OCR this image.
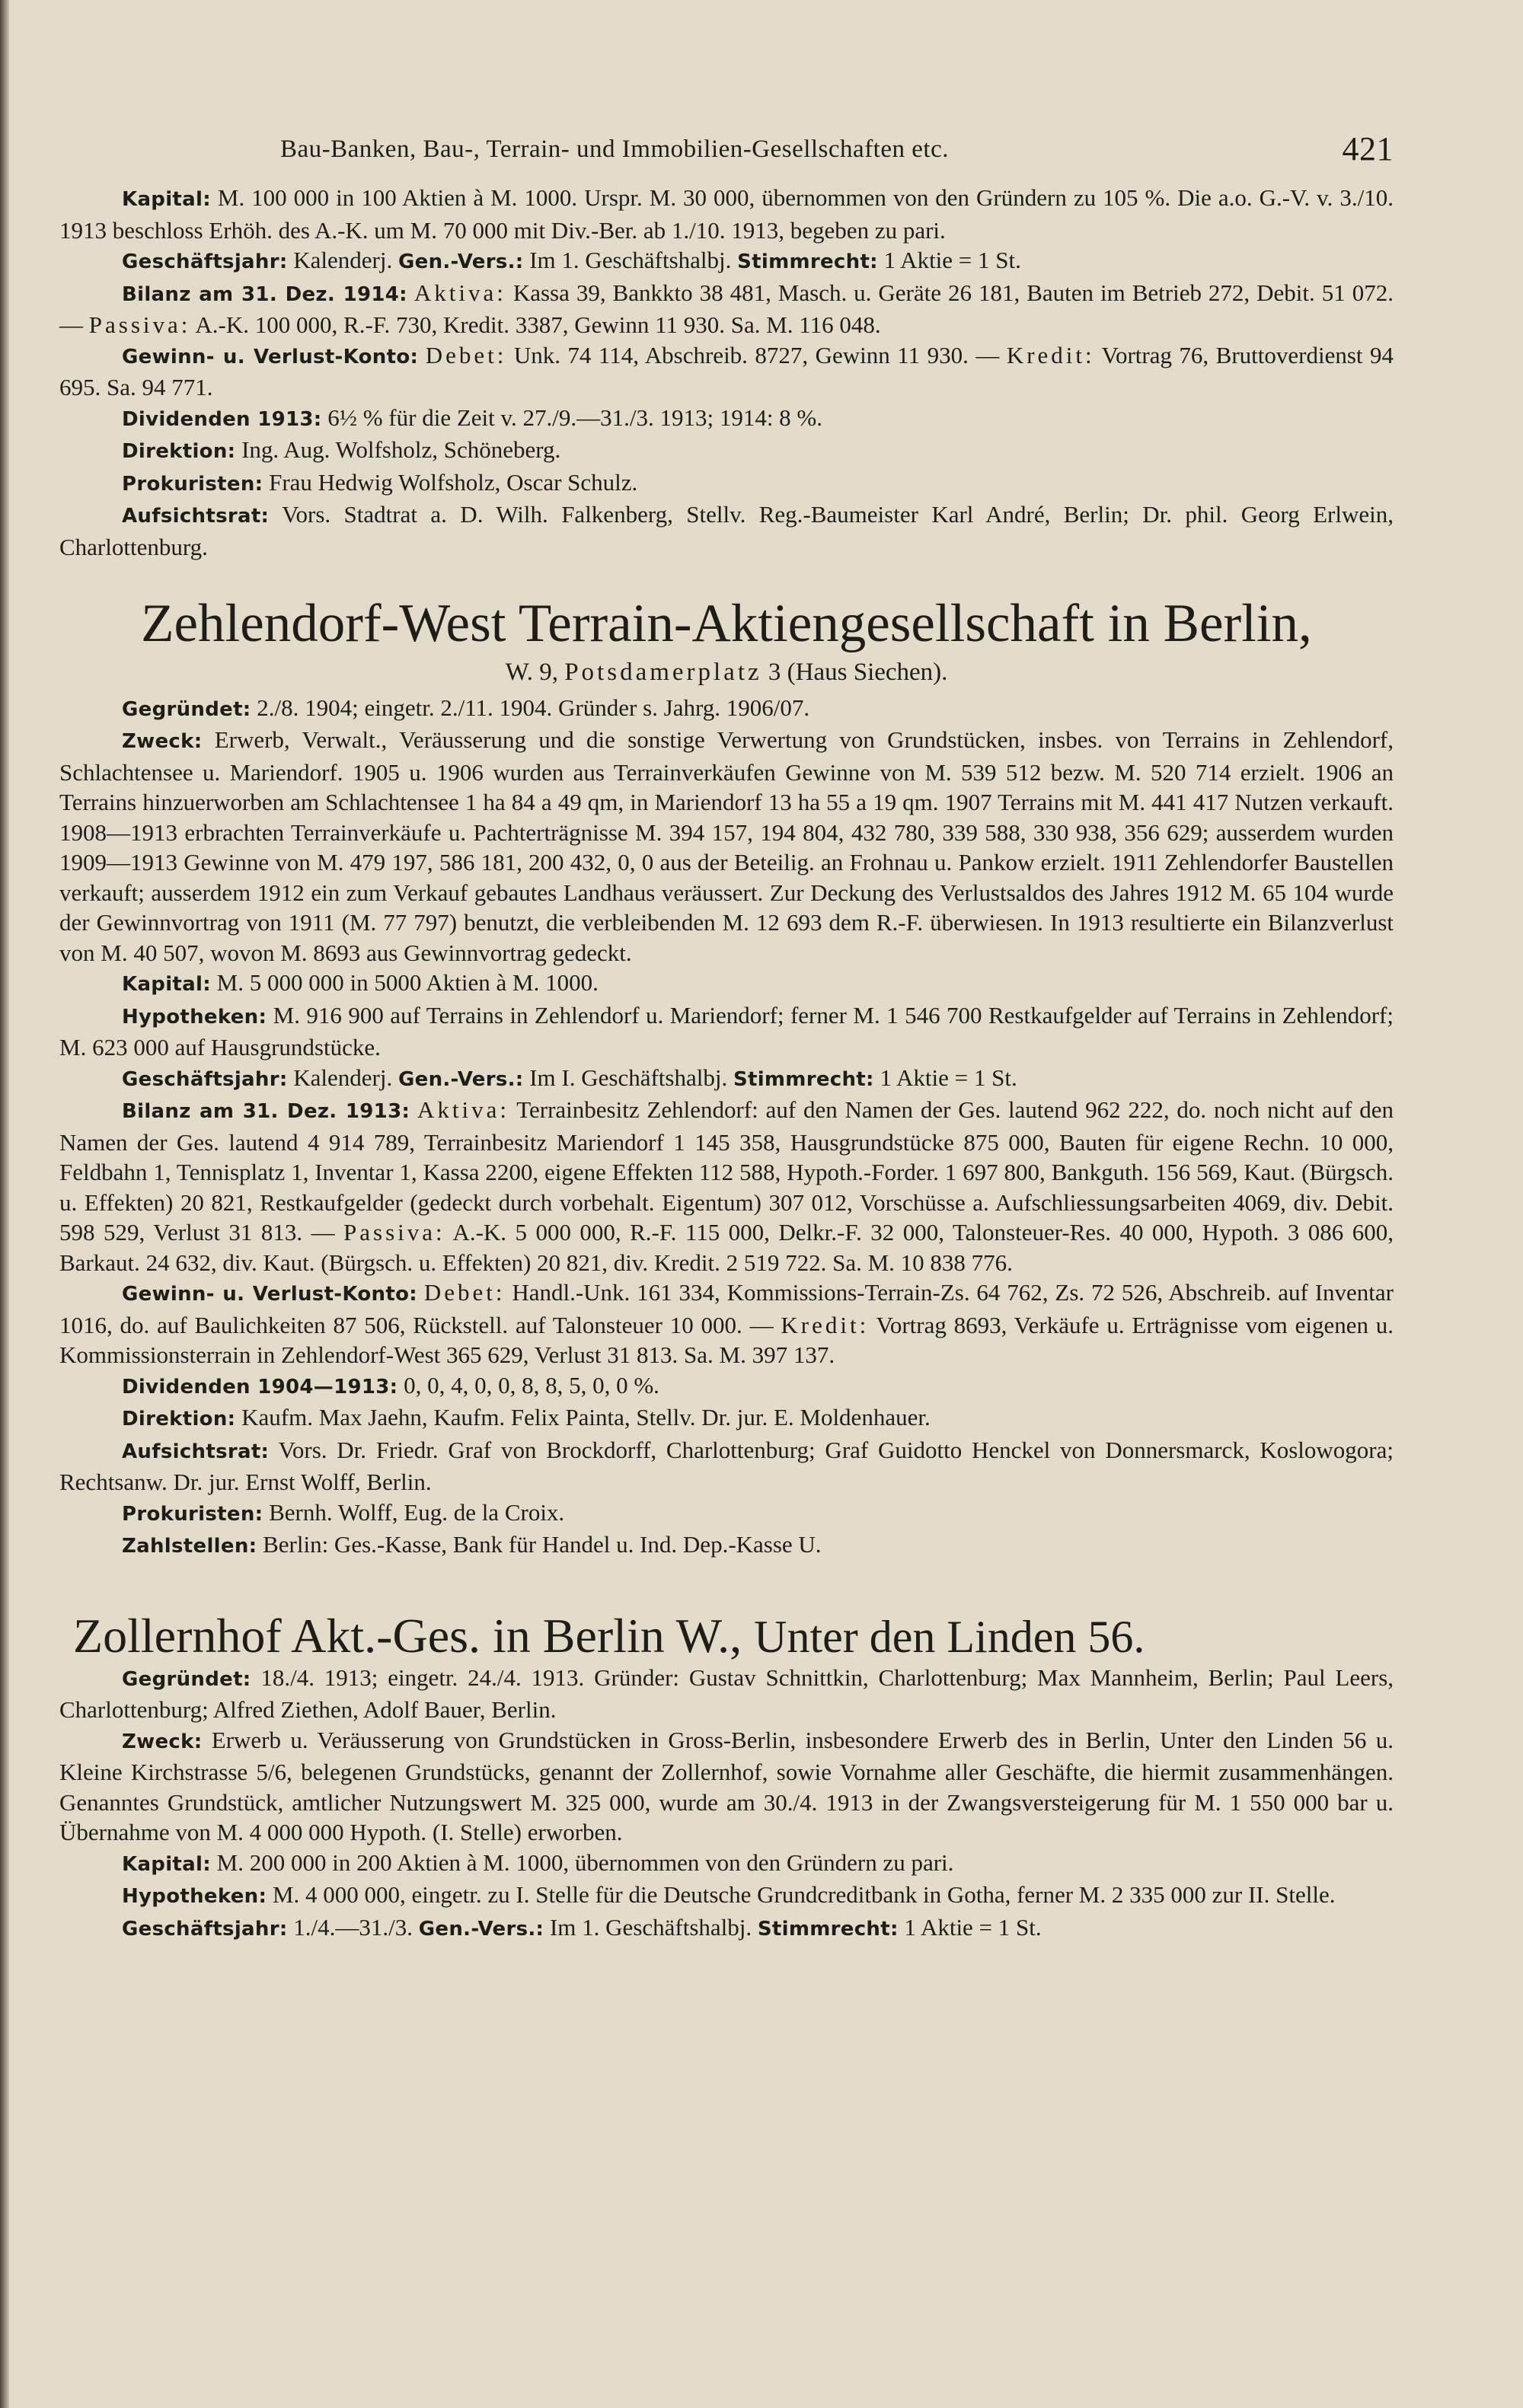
Bau-Banken, Bau-, Terrain- und Immobilien-Gesellschaften etc.	421

Kapital: M. 100 000 in 100 Aktien à M. 1000. Urspr. M. 30 000, übernommen von den Gründern zu 105 %. Die a.o. G.-V. v. 3./10. 1913 beschloss Erhöh. des A.-K. um M. 70 000 mit Div.-Ber. ab 1./10. 1913, begeben zu pari.

Geschäftsjahr: Kalenderj. Gen.-Vers.: Im 1. Geschäftshalbj. Stimmrecht: 1 Aktie = 1 St.

Bilanz am 31. Dez. 1914: Aktiva: Kassa 39, Bankkto 38 481, Masch. u. Geräte 26 181, Bauten im Betrieb 272, Debit. 51 072. — Passiva: A.-K. 100 000, R.-F. 730, Kredit. 3387, Gewinn 11 930. Sa. M. 116 048.

Gewinn- u. Verlust-Konto: Debet: Unk. 74 114, Abschreib. 8727, Gewinn 11 930. — Kredit: Vortrag 76, Bruttoverdienst 94 695. Sa. 94 771.

Dividenden 1913: 6½ % für die Zeit v. 27./9.—31./3. 1913; 1914: 8 %.

Direktion: Ing. Aug. Wolfsholz, Schöneberg.

Prokuristen: Frau Hedwig Wolfsholz, Oscar Schulz.

Aufsichtsrat: Vors. Stadtrat a. D. Wilh. Falkenberg, Stellv. Reg.-Baumeister Karl André, Berlin; Dr. phil. Georg Erlwein, Charlottenburg.

Zehlendorf-West Terrain-Aktiengesellschaft in Berlin,
W. 9, Potsdamerplatz 3 (Haus Siechen).

Gegründet: 2./8. 1904; eingetr. 2./11. 1904. Gründer s. Jahrg. 1906/07.

Zweck: Erwerb, Verwalt., Veräusserung und die sonstige Verwertung von Grundstücken, insbes. von Terrains in Zehlendorf, Schlachtensee u. Mariendorf. 1905 u. 1906 wurden aus Terrainverkäufen Gewinne von M. 539 512 bezw. M. 520 714 erzielt. 1906 an Terrains hinzuerworben am Schlachtensee 1 ha 84 a 49 qm, in Mariendorf 13 ha 55 a 19 qm. 1907 Terrains mit M. 441 417 Nutzen verkauft. 1908—1913 erbrachten Terrainverkäufe u. Pachterträgnisse M. 394 157, 194 804, 432 780, 339 588, 330 938, 356 629; ausserdem wurden 1909—1913 Gewinne von M. 479 197, 586 181, 200 432, 0, 0 aus der Beteilig. an Frohnau u. Pankow erzielt. 1911 Zehlendorfer Baustellen verkauft; ausserdem 1912 ein zum Verkauf gebautes Landhaus veräussert. Zur Deckung des Verlustsaldos des Jahres 1912 M. 65 104 wurde der Gewinnvortrag von 1911 (M. 77 797) benutzt, die verbleibenden M. 12 693 dem R.-F. überwiesen. In 1913 resultierte ein Bilanzverlust von M. 40 507, wovon M. 8693 aus Gewinnvortrag gedeckt.

Kapital: M. 5 000 000 in 5000 Aktien à M. 1000.

Hypotheken: M. 916 900 auf Terrains in Zehlendorf u. Mariendorf; ferner M. 1 546 700 Restkaufgelder auf Terrains in Zehlendorf; M. 623 000 auf Hausgrundstücke.

Geschäftsjahr: Kalenderj. Gen.-Vers.: Im I. Geschäftshalbj. Stimmrecht: 1 Aktie = 1 St.

Bilanz am 31. Dez. 1913: Aktiva: Terrainbesitz Zehlendorf: auf den Namen der Ges. lautend 962 222, do. noch nicht auf den Namen der Ges. lautend 4 914 789, Terrainbesitz Mariendorf 1 145 358, Hausgrundstücke 875 000, Bauten für eigene Rechn. 10 000, Feldbahn 1, Tennisplatz 1, Inventar 1, Kassa 2200, eigene Effekten 112 588, Hypoth.-Forder. 1 697 800, Bankguth. 156 569, Kaut. (Bürgsch. u. Effekten) 20 821, Restkaufgelder (gedeckt durch vorbehalt. Eigentum) 307 012, Vorschüsse a. Aufschliessungsarbeiten 4069, div. Debit. 598 529, Verlust 31 813. — Passiva: A.-K. 5 000 000, R.-F. 115 000, Delkr.-F. 32 000, Talonsteuer-Res. 40 000, Hypoth. 3 086 600, Barkaut. 24 632, div. Kaut. (Bürgsch. u. Effekten) 20 821, div. Kredit. 2 519 722. Sa. M. 10 838 776.

Gewinn- u. Verlust-Konto: Debet: Handl.-Unk. 161 334, Kommissions-Terrain-Zs. 64 762, Zs. 72 526, Abschreib. auf Inventar 1016, do. auf Baulichkeiten 87 506, Rückstell. auf Talonsteuer 10 000. — Kredit: Vortrag 8693, Verkäufe u. Erträgnisse vom eigenen u. Kommissionsterrain in Zehlendorf-West 365 629, Verlust 31 813. Sa. M. 397 137.

Dividenden 1904—1913: 0, 0, 4, 0, 0, 8, 8, 5, 0, 0 %.

Direktion: Kaufm. Max Jaehn, Kaufm. Felix Painta, Stellv. Dr. jur. E. Moldenhauer.

Aufsichtsrat: Vors. Dr. Friedr. Graf von Brockdorff, Charlottenburg; Graf Guidotto Henckel von Donnersmarck, Koslowogora; Rechtsanw. Dr. jur. Ernst Wolff, Berlin.

Prokuristen: Bernh. Wolff, Eug. de la Croix.

Zahlstellen: Berlin: Ges.-Kasse, Bank für Handel u. Ind. Dep.-Kasse U.

Zollernhof Akt.-Ges. in Berlin W., Unter den Linden 56.

Gegründet: 18./4. 1913; eingetr. 24./4. 1913. Gründer: Gustav Schnittkin, Charlottenburg; Max Mannheim, Berlin; Paul Leers, Charlottenburg; Alfred Ziethen, Adolf Bauer, Berlin.

Zweck: Erwerb u. Veräusserung von Grundstücken in Gross-Berlin, insbesondere Erwerb des in Berlin, Unter den Linden 56 u. Kleine Kirchstrasse 5/6, belegenen Grundstücks, genannt der Zollernhof, sowie Vornahme aller Geschäfte, die hiermit zusammenhängen. Genanntes Grundstück, amtlicher Nutzungswert M. 325 000, wurde am 30./4. 1913 in der Zwangsversteigerung für M. 1 550 000 bar u. Übernahme von M. 4 000 000 Hypoth. (I. Stelle) erworben.

Kapital: M. 200 000 in 200 Aktien à M. 1000, übernommen von den Gründern zu pari.

Hypotheken: M. 4 000 000, eingetr. zu I. Stelle für die Deutsche Grundcreditbank in Gotha, ferner M. 2 335 000 zur II. Stelle.

Geschäftsjahr: 1./4.—31./3. Gen.-Vers.: Im 1. Geschäftshalbj. Stimmrecht: 1 Aktie = 1 St.
